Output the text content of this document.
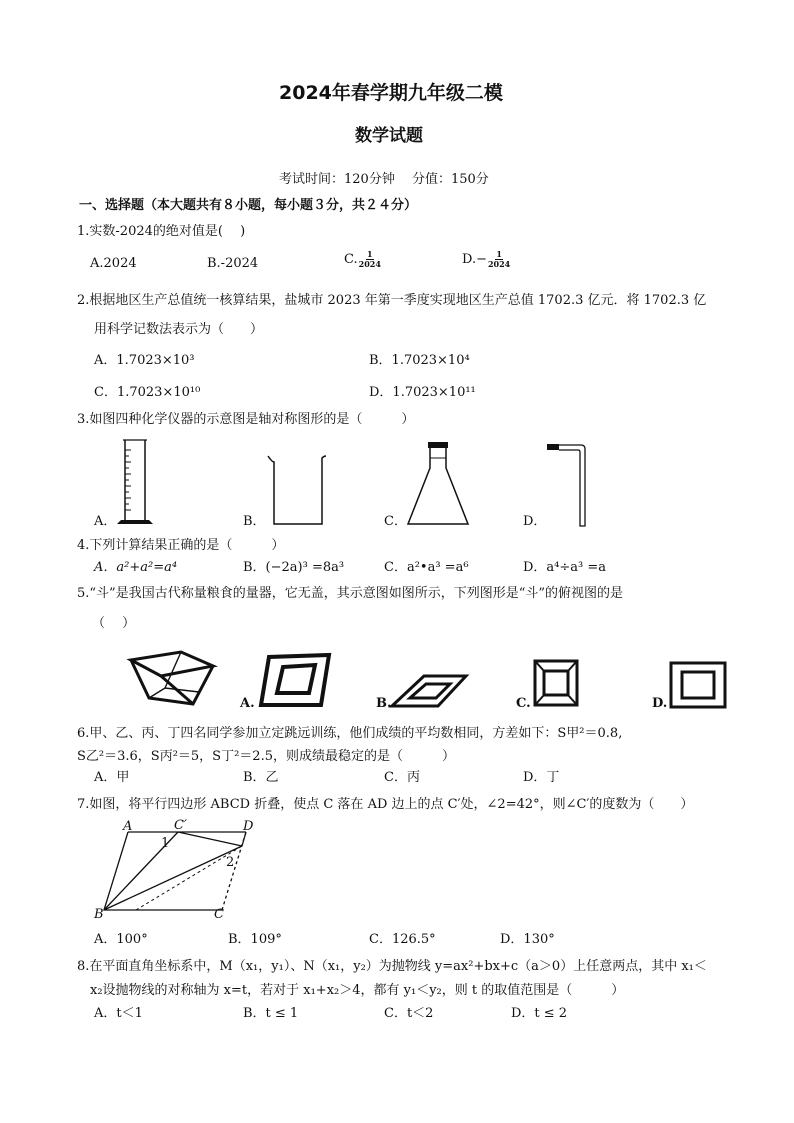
2024年春学期九年级二模
数学试题
考试时间：120分钟　 分值：150分
一、选择题（本大题共有８小题，每小题３分，共２４分）
1.实数-2024的绝对值是(　 )
A.2024	B.-2024	C. $\frac{1}{2024}$	$D.- \frac{1}{2024}$
2.根据地区生产总值统一核算结果，盐城市 2023 年第一季度实现地区生产总值 1702.3 亿元．将 1702.3 亿
用科学记数法表示为（　　）
A．1.7023×10³	B．1.7023×10⁴
C．1.7023×10¹⁰	D．1.7023×10¹¹
3.如图四种化学仪器的示意图是轴对称图形的是（　　　）
A．	B．	C．	D．
4.下列计算结果正确的是（　　　）
A．a²+a²=a⁴	B．(−2a)³ =8a³	C．a²•a³ =a⁶	D．a⁴÷a³ =a
5.“斗”是我国古代称量粮食的量器，它无盖，其示意图如图所示，下列图形是“斗”的俯视图的是
（　 ）
A.	B.	C.	D.
6.甲、乙、丙、丁四名同学参加立定跳远训练，他们成绩的平均数相同，方差如下：S甲²＝0.8,
S乙²＝3.6，S丙²＝5，S丁²＝2.5，则成绩最稳定的是（　　　）
A．甲	B．乙	C．丙	D．丁
7.如图，将平行四边形 ABCD 折叠，使点 C 落在 AD 边上的点 C′处，∠2=42°，则∠C′的度数为（　　）
A	C′	D
1
2
B	C
A．100°	B．109°	C．126.5°	D．130°
8.在平面直角坐标系中，M（x₁，y₁）、N（x₁，y₂）为抛物线 y=ax²+bx+c（a＞0）上任意两点，其中 x₁＜
x₂设抛物线的对称轴为 x=t，若对于 x₁+x₂＞4，都有 y₁＜y₂，则 t 的取值范围是（　　　）
A．t＜1	B．t ≤ 1	C．t＜2	D．t ≤ 2
